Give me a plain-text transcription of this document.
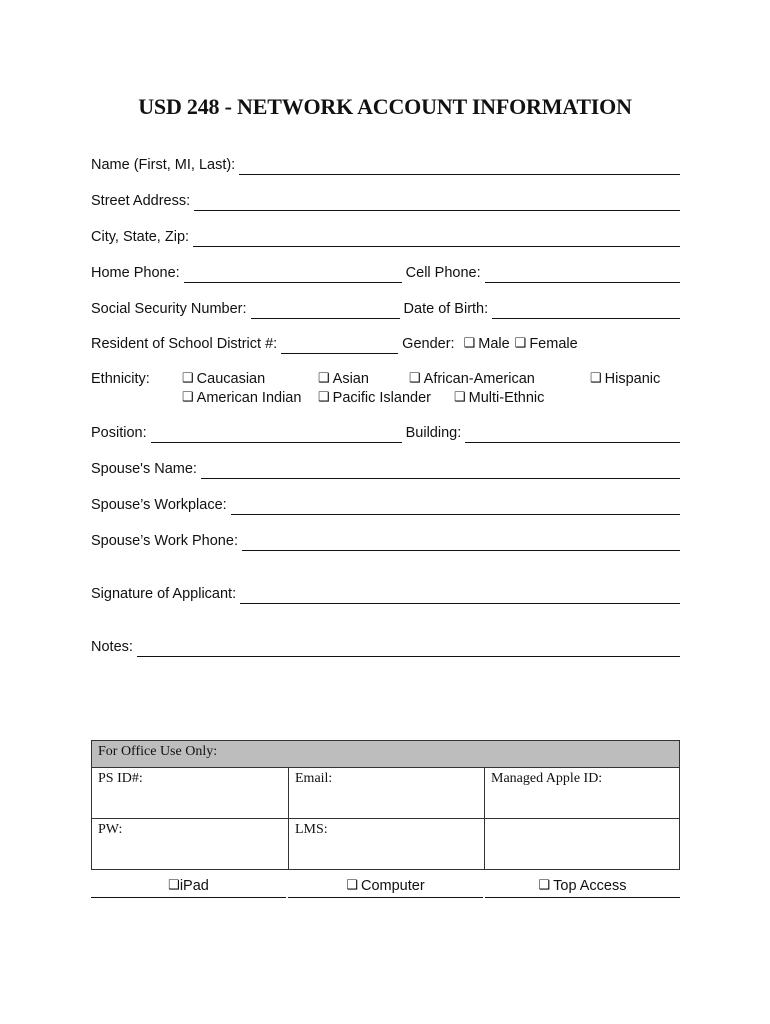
USD 248 - NETWORK ACCOUNT INFORMATION
Name (First, MI, Last):
Street Address:
City, State, Zip:
Home Phone:	Cell Phone:
Social Security Number:	Date of Birth:
Resident of School District #:	Gender: ❑ Male ❑ Female
Ethnicity: ❑ Caucasian	❑ Asian	❑ African-American	❑ Hispanic
❑ American Indian ❑ Pacific Islander ❑ Multi-Ethnic
Position:	Building:
Spouse's Name:
Spouse’s Workplace:
Spouse’s Work Phone:
Signature of Applicant:
Notes:
For Office Use Only:		
PS ID#:	Email:	Managed Apple ID:
PW:	LMS:	
❑iPad	❑ Computer	❑ Top Access
